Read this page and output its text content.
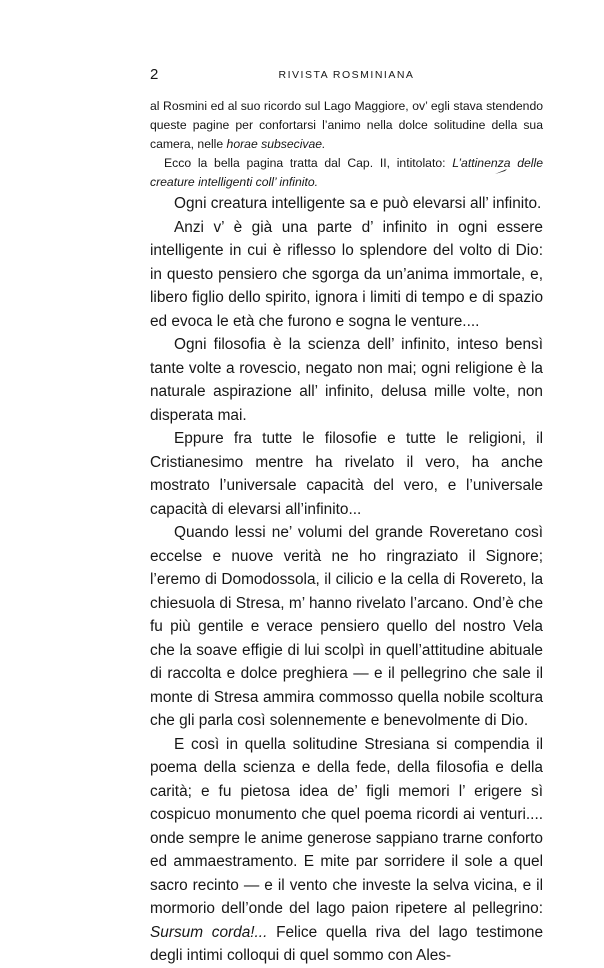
2	RIVISTA ROSMINIANA

al Rosmini ed al suo ricordo sul Lago Maggiore, ov’ egli stava stendendo queste pagine per confortarsi l’animo nella dolce solitudine della sua camera, nelle horae subsecivae.

Ecco la bella pagina tratta dal Cap. II, intitolato: L’attinenza delle creature intelligenti coll’ infinito.

Ogni creatura intelligente sa e può elevarsi all’ infinito.

Anzi v’ è già una parte d’ infinito in ogni essere intelligente in cui è riflesso lo splendore del volto di Dio: in questo pensiero che sgorga da un’anima immortale, e, libero figlio dello spirito, ignora i limiti di tempo e di spazio ed evoca le età che furono e sogna le venture....

Ogni filosofia è la scienza dell’ infinito, inteso bensì tante volte a rovescio, negato non mai; ogni religione è la naturale aspirazione all’ infinito, delusa mille volte, non disperata mai.

Eppure fra tutte le filosofie e tutte le religioni, il Cristianesimo mentre ha rivelato il vero, ha anche mostrato l’universale capacità del vero, e l’universale capacità di elevarsi all’infinito...

Quando lessi ne’ volumi del grande Roveretano così eccelse e nuove verità ne ho ringraziato il Signore; l’eremo di Domodossola, il cilicio e la cella di Rovereto, la chiesuola di Stresa, m’ hanno rivelato l’arcano. Ond’è che fu più gentile e verace pensiero quello del nostro Vela che la soave effigie di lui scolpì in quell’attitudine abituale di raccolta e dolce preghiera — e il pellegrino che sale il monte di Stresa ammira commosso quella nobile scoltura che gli parla così solennemente e benevolmente di Dio.

E così in quella solitudine Stresiana si compendia il poema della scienza e della fede, della filosofia e della carità; e fu pietosa idea de’ figli memori l’ erigere sì cospicuo monumento che quel poema ricordi ai venturi.... onde sempre le anime generose sappiano trarne conforto ed ammaestramento. E mite par sorridere il sole a quel sacro recinto — e il vento che investe la selva vicina, e il mormorio dell’onde del lago paion ripetere al pellegrino: Sursum corda!... Felice quella riva del lago testimone degli intimi colloqui di quel sommo con Ales-
